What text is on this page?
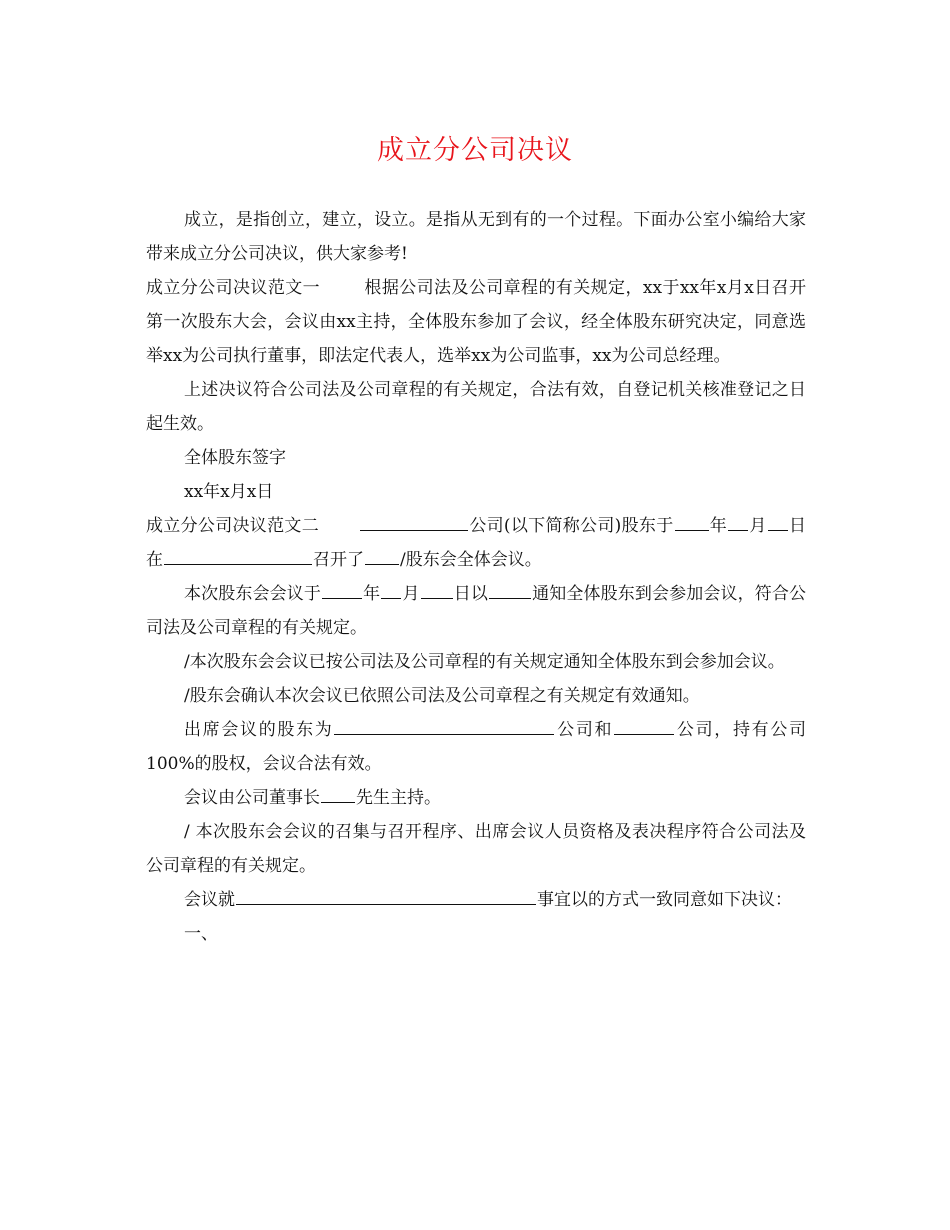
成立分公司决议

成立，是指创立，建立，设立。是指从无到有的一个过程。下面办公室小编给大家带来成立分公司决议，供大家参考!

成立分公司决议范文一	根据公司法及公司章程的有关规定，xx于xx年x月x日召开第一次股东大会，会议由xx主持，全体股东参加了会议，经全体股东研究决定，同意选举xx为公司执行董事，即法定代表人，选举xx为公司监事，xx为公司总经理。

上述决议符合公司法及公司章程的有关规定，合法有效，自登记机关核准登记之日起生效。

全体股东签字

xx年x月x日

成立分公司决议范文二	公司(以下简称公司)股东于 年 月 日在	召开了 /股东会全体会议。

本次股东会会议于 年 月 日以	通知全体股东到会参加会议，符合公司法及公司章程的有关规定。

/本次股东会会议已按公司法及公司章程的有关规定通知全体股东到会参加会议。

/股东会确认本次会议已依照公司法及公司章程之有关规定有效通知。

出席会议的股东为	公司和	公司，持有公司100%的股权，会议合法有效。

会议由公司董事长 先生主持。

/ 本次股东会会议的召集与召开程序、出席会议人员资格及表决程序符合公司法及公司章程的有关规定。

会议就	事宜以的方式一致同意如下决议：

一、
